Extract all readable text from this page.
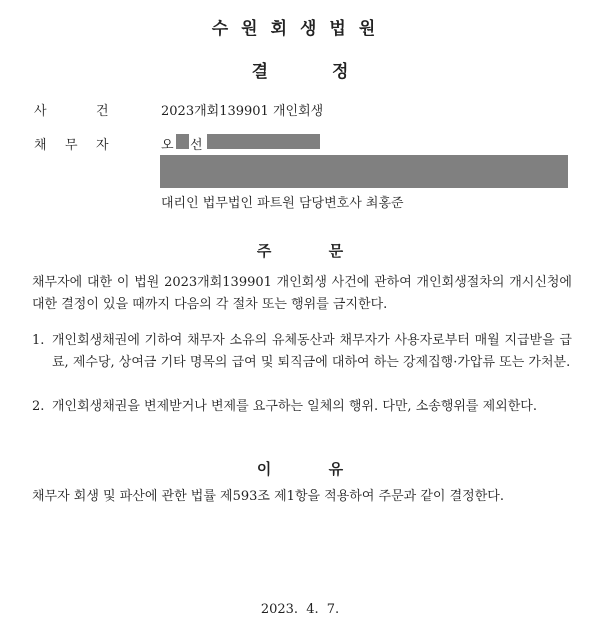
수원회생법원
결 정
사	건	2023개회139901 개인회생
채 무 자	오 선
대리인 법무법인 파트원 담당변호사 최홍준
주 문
채무자에 대한 이 법원 2023개회139901 개인회생 사건에 관하여 개인회생절차의 개시신청에 대한 결정이 있을 때까지 다음의 각 절차 또는 행위를 금지한다.
1. 개인회생채권에 기하여 채무자 소유의 유체동산과 채무자가 사용자로부터 매월 지급받을 급료, 제수당, 상여금 기타 명목의 급여 및 퇴직금에 대하여 하는 강제집행·가압류 또는 가처분.
2. 개인회생채권을 변제받거나 변제를 요구하는 일체의 행위. 다만, 소송행위를 제외한다.
이 유
채무자 회생 및 파산에 관한 법률 제593조 제1항을 적용하여 주문과 같이 결정한다.
2023. 4. 7.
